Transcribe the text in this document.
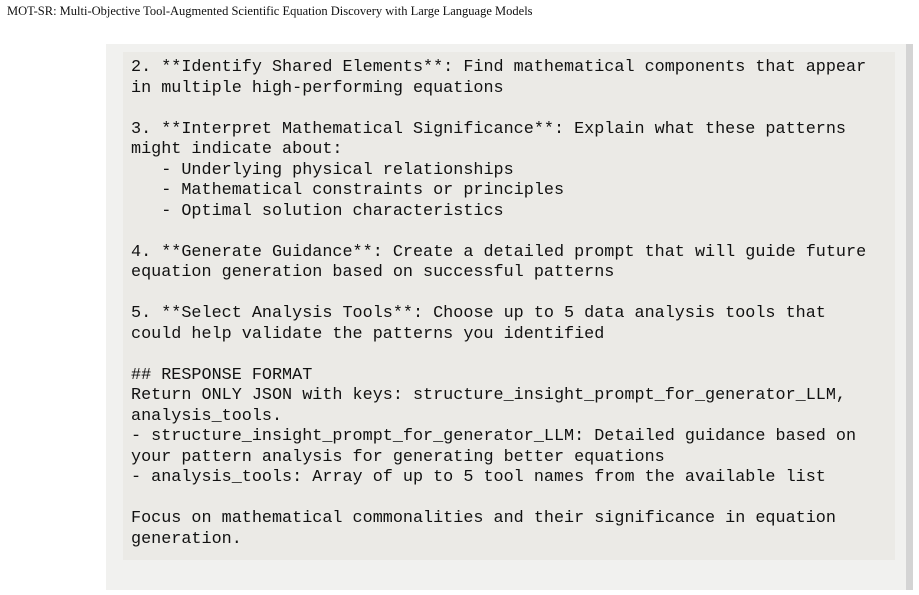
MOT-SR: Multi-Objective Tool-Augmented Scientific Equation Discovery with Large Language Models
2. **Identify Shared Elements**: Find mathematical components that appear
in multiple high-performing equations
3. **Interpret Mathematical Significance**: Explain what these patterns
might indicate about:
- Underlying physical relationships
- Mathematical constraints or principles
- Optimal solution characteristics
4. **Generate Guidance**: Create a detailed prompt that will guide future
equation generation based on successful patterns
5. **Select Analysis Tools**: Choose up to 5 data analysis tools that
could help validate the patterns you identified
## RESPONSE FORMAT
Return ONLY JSON with keys: structure_insight_prompt_for_generator_LLM,
analysis_tools.
- structure_insight_prompt_for_generator_LLM: Detailed guidance based on
your pattern analysis for generating better equations
- analysis_tools: Array of up to 5 tool names from the available list
Focus on mathematical commonalities and their significance in equation
generation.
